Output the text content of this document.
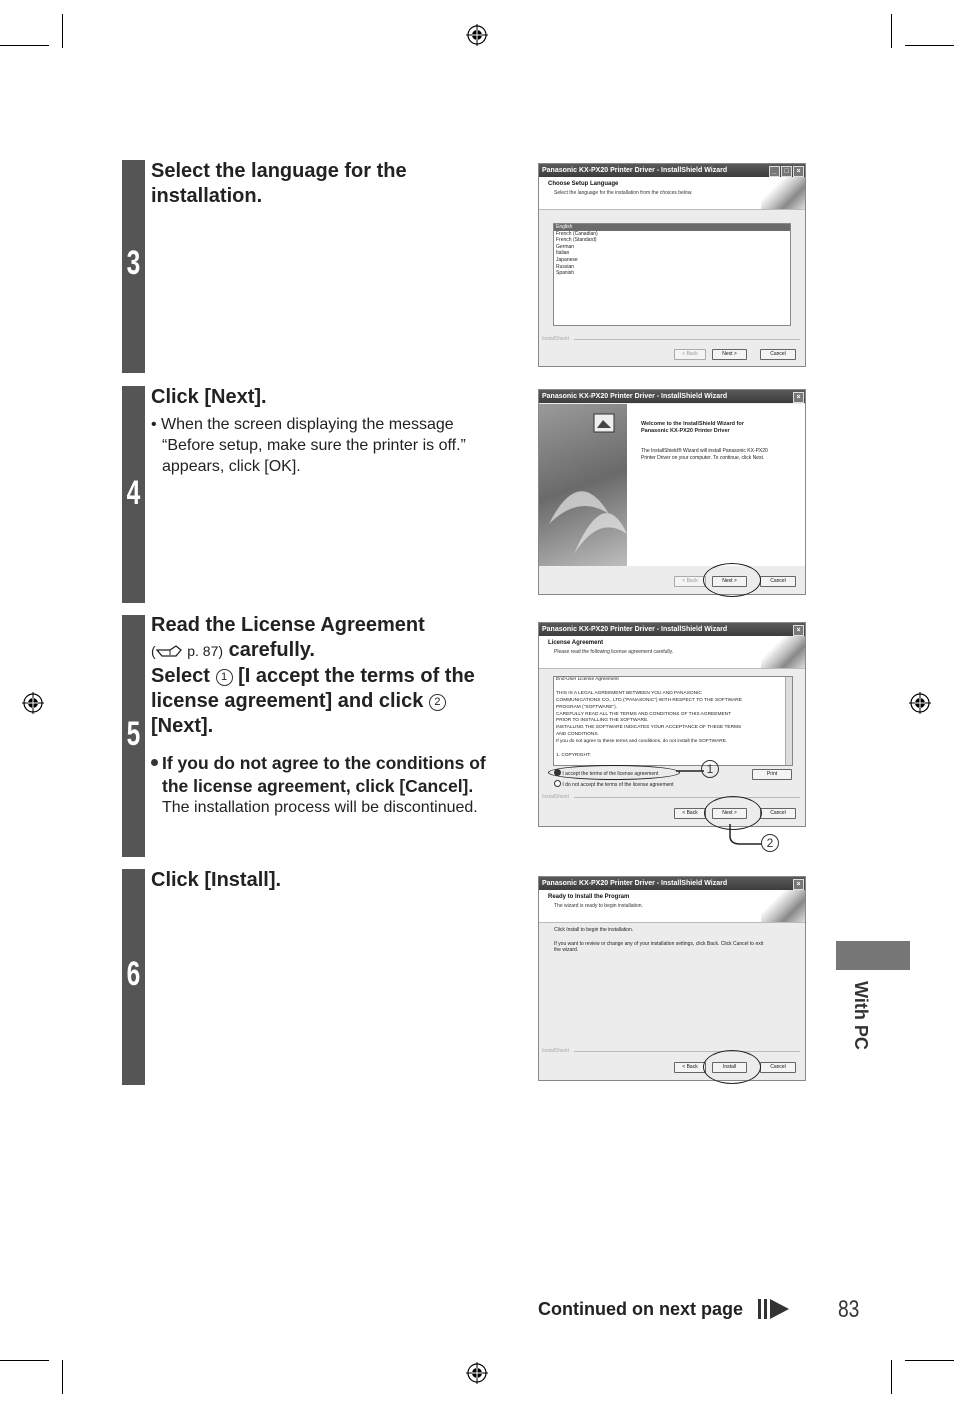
3
Select the language for the
installation.
Panasonic KX-PX20 Printer Driver - InstallShield Wizard	_	□	×
Choose Setup Language
Select the language for the installation from the choices below.
English
French (Canadian)
French (Standard)
German
Italian
Japanese
Russian
Spanish
InstallShield
< Back	Next >	Cancel
4
Click [Next].
• When the screen displaying the message
“Before setup, make sure the printer is off.”
appears, click [OK].
Panasonic KX-PX20 Printer Driver - InstallShield Wizard	×
Welcome to the InstallShield Wizard for
Panasonic KX-PX20 Printer Driver
The InstallShield® Wizard will install Panasonic KX-PX20
Printer Driver on your computer. To continue, click Next.
< Back	Next >	Cancel
5
Read the License Agreement
( p. 87) carefully.
Select 1 [I accept the terms of the
license agreement] and click 2
[Next].
If you do not agree to the conditions of
the license agreement, click [Cancel].
The installation process will be discontinued.
Panasonic KX-PX20 Printer Driver - InstallShield Wizard	×
License Agreement
Please read the following license agreement carefully.
End-User License Agreement

THIS IS A LEGAL AGREEMENT BETWEEN YOU AND PANASONIC
COMMUNICATIONS CO., LTD.("PANASONIC") WITH RESPECT TO THE SOFTWARE
PROGRAM ("SOFTWARE").
CAREFULLY READ ALL THE TERMS AND CONDITIONS OF THIS AGREEMENT
PRIOR TO INSTALLING THE SOFTWARE.
INSTALLING THE SOFTWARE INDICATES YOUR ACCEPTANCE OF THESE TERMS
AND CONDITIONS.
If you do not agree to these terms and conditions, do not install the SOFTWARE.

1. COPYRIGHT:
I accept the terms of the license agreement
I do not accept the terms of the license agreement
Print
InstallShield
< Back	Next >	Cancel
1
2
6
Click [Install].	Panasonic KX-PX20 Printer Driver - InstallShield Wizard	×
Ready to Install the Program
The wizard is ready to begin installation.
Click Install to begin the installation.
If you want to review or change any of your installation settings, click Back. Click Cancel to exit
the wizard.
InstallShield
< Back	Install	Cancel
With PC
Continued on next page	83
